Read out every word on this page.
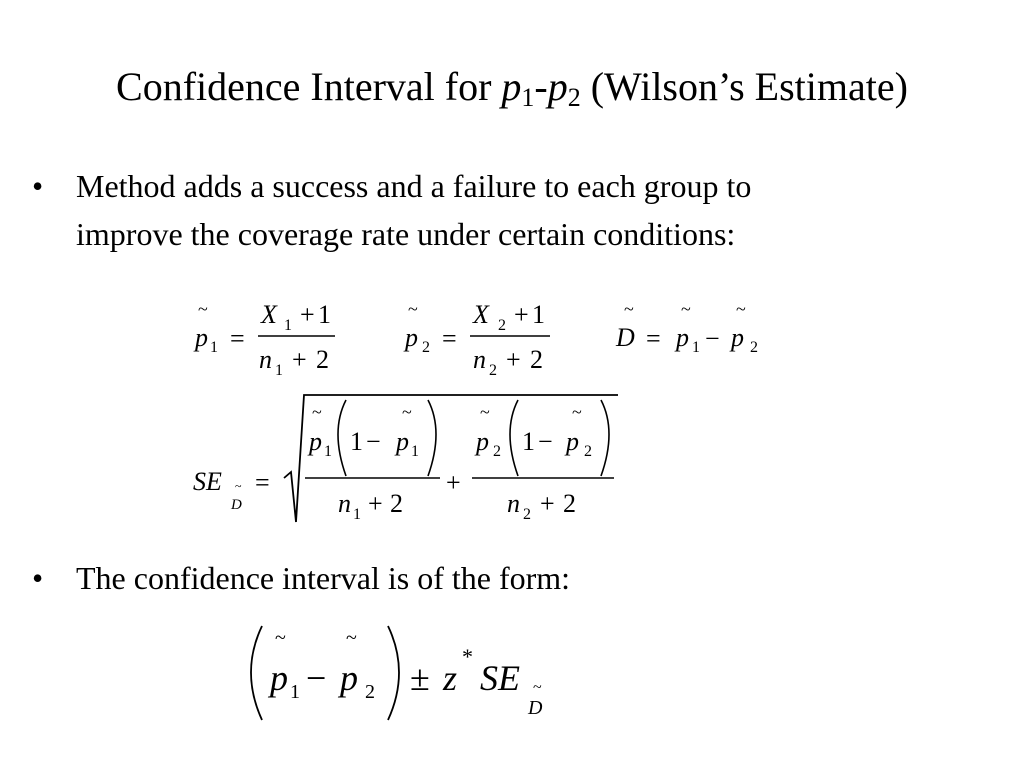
Confidence Interval for $p_1-p_2$ (Wilson’s Estimate)
• Method adds a success and a failure to each group to
improve the coverage rate under certain conditions:
~
p 1 =
X 1 + 1
n 1 + 2
~
p 2 =
X 2 + 1
n 2 + 2
~
D =
~
p 1 −
~
p 2
SE ~
D
=
~
p 1 1 −
~
p 1
n 1 + 2
+
~
p 2 1 −
~
p 2
n 2 + 2
~
p 1 −
~
p 2 ± z
*
SE ~
D
• The confidence interval is of the form:
